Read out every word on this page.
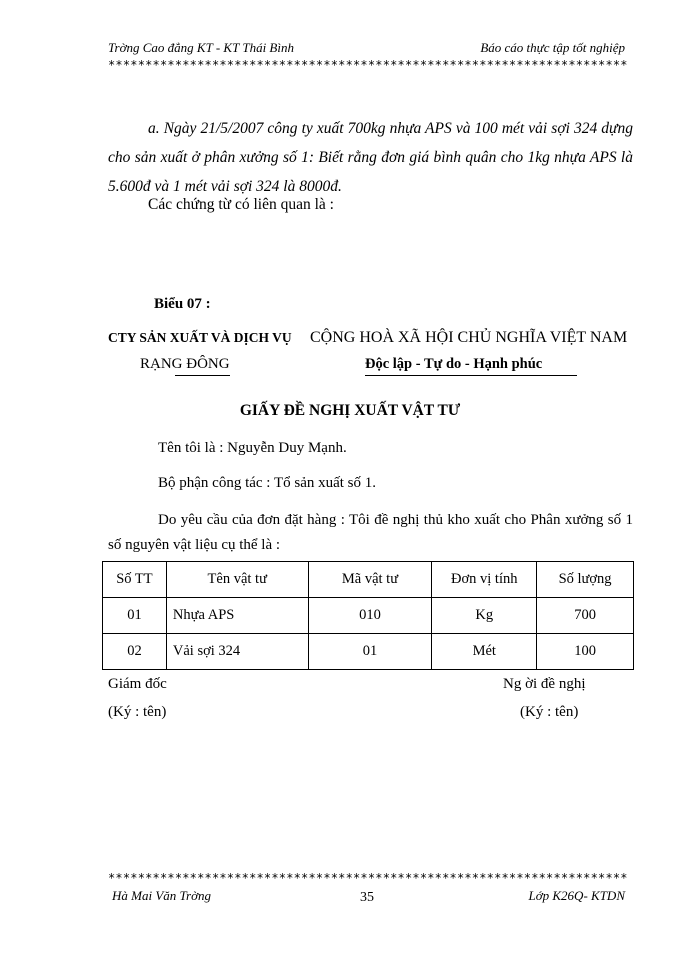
Trờng Cao đẳng KT - KT Thái Bình	Báo cáo thực tập tốt nghiệp
**********************************************************************
a. Ngày 21/5/2007 công ty xuất 700kg nhựa APS và 100 mét vải sợi 324 dựng cho sản xuất ở phân xưởng số 1: Biết rằng đơn giá bình quân cho 1kg nhựa APS là 5.600đ và 1 mét vải sợi 324 là 8000đ.
Các chứng từ có liên quan là :
Biểu 07 :
CTY SẢN XUẤT VÀ DỊCH VỤ
RẠNG ĐÔNG
CỘNG HOÀ XÃ HỘI CHỦ NGHĨA VIỆT NAM
Độc lập - Tự do - Hạnh phúc
GIẤY ĐỀ NGHỊ XUẤT VẬT TƯ
Tên tôi là : Nguyễn Duy Mạnh.
Bộ phận công tác : Tổ sản xuất số 1.
Do yêu cầu của đơn đặt hàng : Tôi đề nghị thủ kho xuất cho Phân xưởng số 1 số nguyên vật liệu cụ thể là :
Số TT	Tên vật tư	Mã vật tư	Đơn vị tính	Số lượng
01	Nhựa APS	010	Kg	700
02	Vải sợi 324	01	Mét	100
Giám đốc
(Ký : tên)
Ng ời đề nghị
(Ký : tên)
**********************************************************************
Hà Mai Văn Trờng	35	Lớp K26Q- KTDN
